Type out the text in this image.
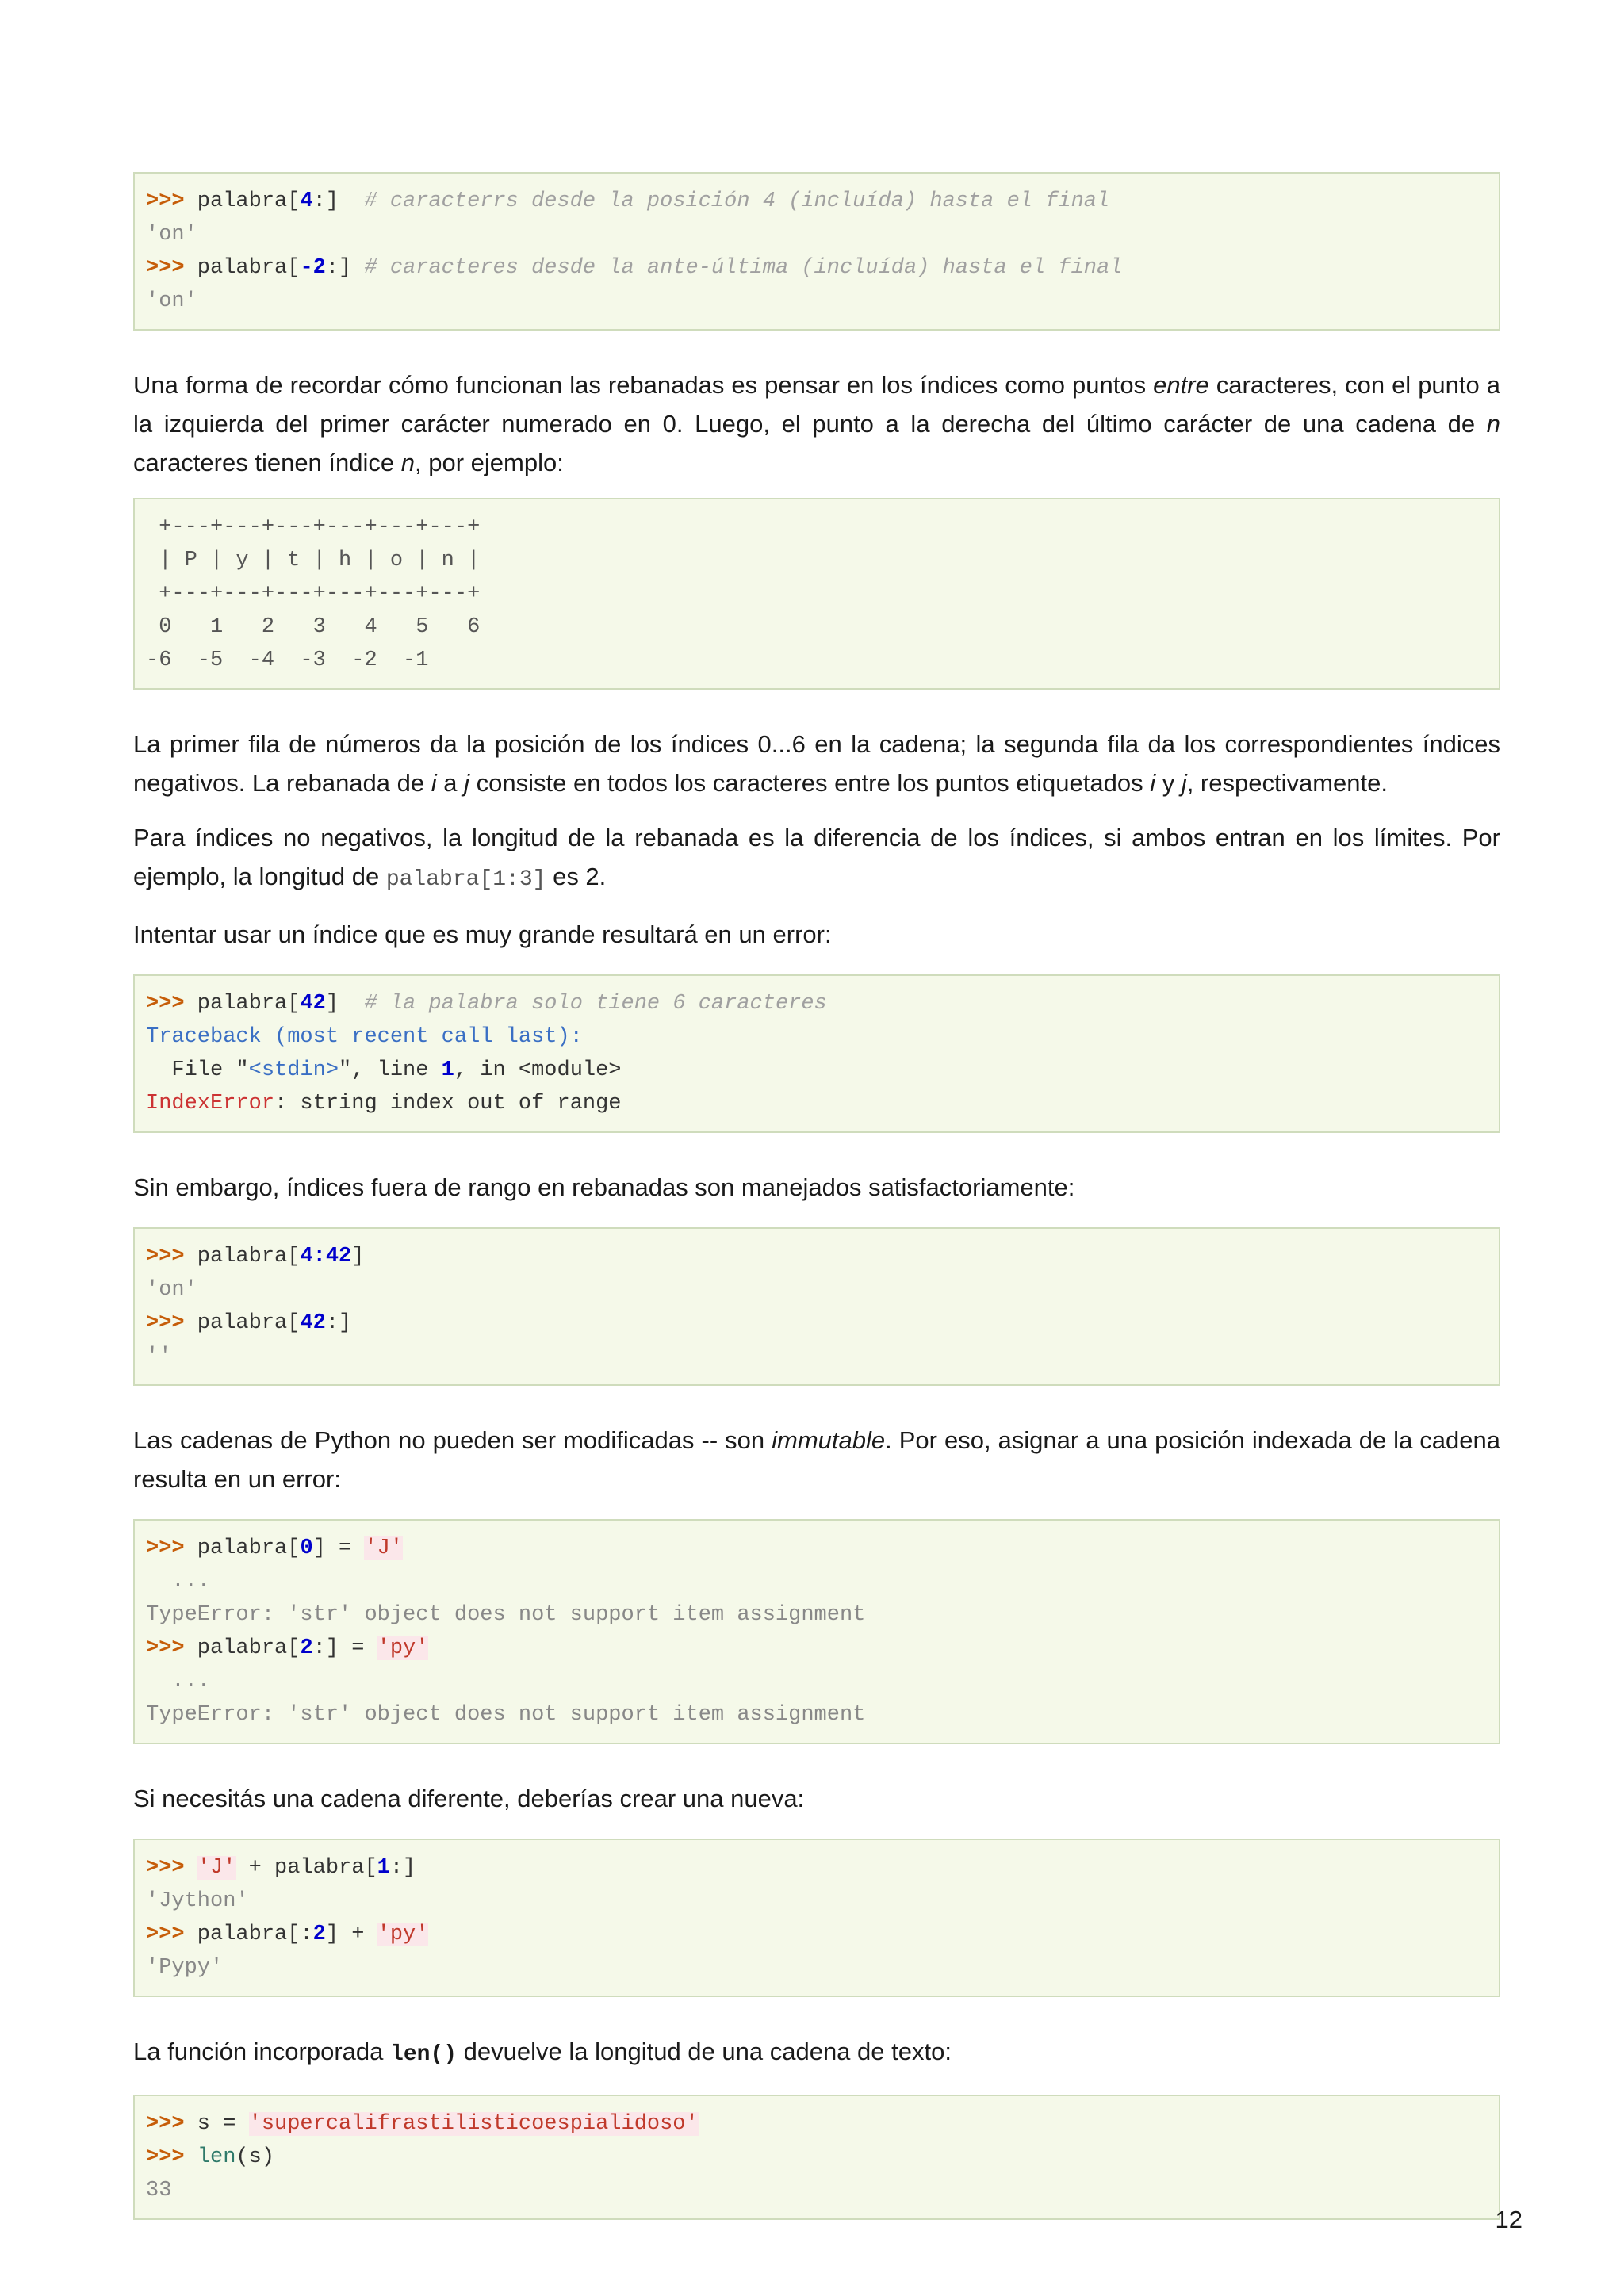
>>> palabra[4:]  # caracterrs desde la posición 4 (incluída) hasta el final
'on'
>>> palabra[-2:] # caracteres desde la ante-última (incluída) hasta el final
'on'

Una forma de recordar cómo funcionan las rebanadas es pensar en los índices como puntos entre caracteres, con el punto a la izquierda del primer carácter numerado en 0. Luego, el punto a la derecha del último carácter de una cadena de n caracteres tienen índice n, por ejemplo:

+---+---+---+---+---+---+
| P | y | t | h | o | n |
+---+---+---+---+---+---+
0   1   2   3   4   5   6
-6  -5  -4  -3  -2  -1

La primer fila de números da la posición de los índices 0...6 en la cadena; la segunda fila da los correspondientes índices negativos. La rebanada de i a j consiste en todos los caracteres entre los puntos etiquetados i y j, respectivamente.

Para índices no negativos, la longitud de la rebanada es la diferencia de los índices, si ambos entran en los límites. Por ejemplo, la longitud de palabra[1:3] es 2.

Intentar usar un índice que es muy grande resultará en un error:

>>> palabra[42]  # la palabra solo tiene 6 caracteres
Traceback (most recent call last):
File "<stdin>", line 1, in <module>
IndexError: string index out of range

Sin embargo, índices fuera de rango en rebanadas son manejados satisfactoriamente:

>>> palabra[4:42]
'on'
>>> palabra[42:]
''

Las cadenas de Python no pueden ser modificadas -- son immutable. Por eso, asignar a una posición indexada de la cadena resulta en un error:

>>> palabra[0] = 'J'
...
TypeError: 'str' object does not support item assignment
>>> palabra[2:] = 'py'
...
TypeError: 'str' object does not support item assignment

Si necesitás una cadena diferente, deberías crear una nueva:

>>> 'J' + palabra[1:]
'Jython'
>>> palabra[:2] + 'py'
'Pypy'

La función incorporada len() devuelve la longitud de una cadena de texto:

>>> s = 'supercalifrastilisticoespialidoso'
>>> len(s)
33
12
